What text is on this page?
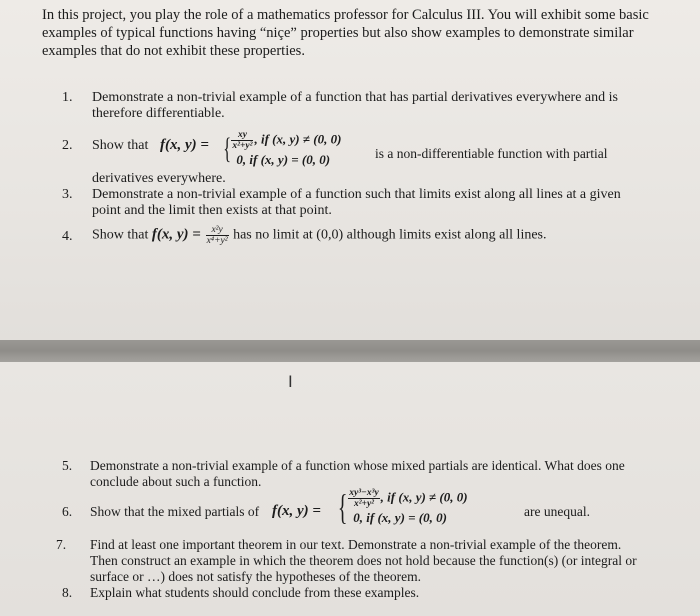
In this project, you play the role of a mathematics professor for Calculus III. You will exhibit some basic examples of typical functions having “niçe” properties but also show examples to demonstrate similar examples that do not exhibit these properties.
1. Demonstrate a non-trivial example of a function that has partial derivatives everywhere and is therefore differentiable.
2. Show that f(x, y) = { $\frac{xy}{\text{x²+y²}}$ , if (x, y) ≠ (0, 0)
0, if (x, y) = (0, 0)	is a non-differentiable function with partial
derivatives everywhere.
3. Demonstrate a non-trivial example of a function such that limits exist along all lines at a given point and the limit then exists at that point.
4. Show that f(x, $y) = \frac{\text{x²y}}{\text{x⁴+y²}}$ has no limit at (0,0) although limits exist along all lines.
I
5. Demonstrate a non-trivial example of a function whose mixed partials are identical. What does one conclude about such a function.
6. Show that the mixed partials of f(x, y) = { $\frac{\text{xy³−x³y}}{\text{x²+y²}}$ , if (x, y) ≠ (0, 0)
0, if (x, y) = (0, 0)	are unequal.
7. Find at least one important theorem in our text. Demonstrate a non-trivial example of the theorem. Then construct an example in which the theorem does not hold because the function(s) (or integral or surface or …) does not satisfy the hypotheses of the theorem.
8. Explain what students should conclude from these examples.
